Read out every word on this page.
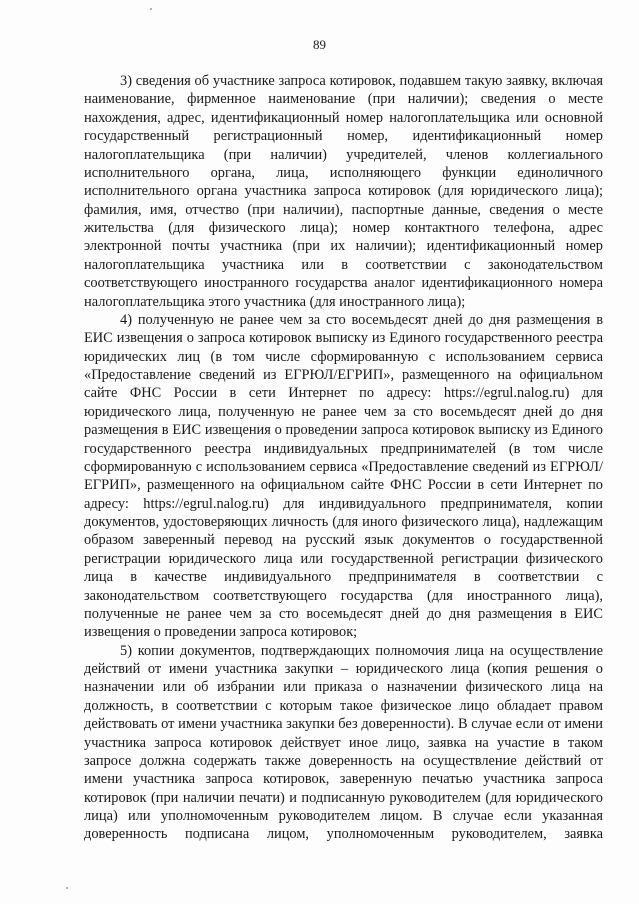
89

3) сведения об участнике запроса котировок, подавшем такую заявку, включая наименование, фирменное наименование (при наличии); сведения о месте нахождения, адрес, идентификационный номер налогоплательщика или основной государственный регистрационный номер, идентификационный номер налогоплательщика (при наличии) учредителей, членов коллегиального исполнительного органа, лица, исполняющего функции единоличного исполнительного органа участника запроса котировок (для юридического лица); фамилия, имя, отчество (при наличии), паспортные данные, сведения о месте жительства (для физического лица); номер контактного телефона, адрес электронной почты участника (при их наличии); идентификационный номер налогоплательщика участника или в соответствии с законодательством соответствующего иностранного государства аналог идентификационного номера налогоплательщика этого участника (для иностранного лица);

4) полученную не ранее чем за сто восемьдесят дней до дня размещения в ЕИС извещения о запроса котировок выписку из Единого государственного реестра юридических лиц (в том числе сформированную с использованием сервиса «Предоставление сведений из ЕГРЮЛ/ЕГРИП», размещенного на официальном сайте ФНС России в сети Интернет по адресу: https://egrul.nalog.ru) для юридического лица, полученную не ранее чем за сто восемьдесят дней до дня размещения в ЕИС извещения о проведении запроса котировок выписку из Единого государственного реестра индивидуальных предпринимателей (в том числе сформированную с использованием сервиса «Предоставление сведений из ЕГРЮЛ/ЕГРИП», размещенного на официальном сайте ФНС России в сети Интернет по адресу: https://egrul.nalog.ru) для индивидуального предпринимателя, копии документов, удостоверяющих личность (для иного физического лица), надлежащим образом заверенный перевод на русский язык документов о государственной регистрации юридического лица или государственной регистрации физического лица в качестве индивидуального предпринимателя в соответствии с законодательством соответствующего государства (для иностранного лица), полученные не ранее чем за сто восемьдесят дней до дня размещения в ЕИС извещения о проведении запроса котировок;

5) копии документов, подтверждающих полномочия лица на осуществление действий от имени участника закупки – юридического лица (копия решения о назначении или об избрании или приказа о назначении физического лица на должность, в соответствии с которым такое физическое лицо обладает правом действовать от имени участника закупки без доверенности). В случае если от имени участника запроса котировок действует иное лицо, заявка на участие в таком запросе должна содержать также доверенность на осуществление действий от имени участника запроса котировок, заверенную печатью участника запроса котировок (при наличии печати) и подписанную руководителем (для юридического лица) или уполномоченным руководителем лицом. В случае если указанная доверенность подписана лицом, уполномоченным руководителем, заявка
